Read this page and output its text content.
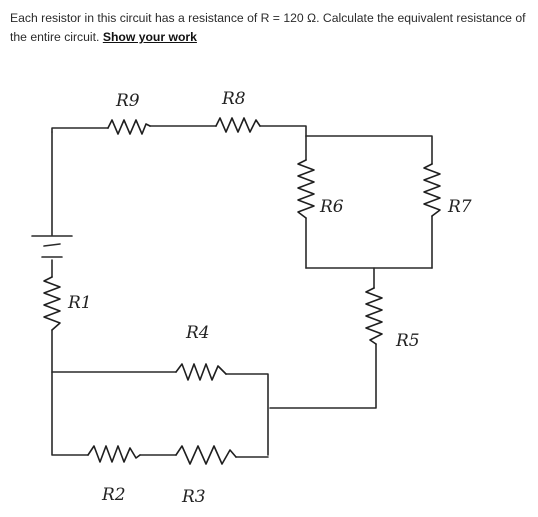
Each resistor in this circuit has a resistance of R = 120 Ω. Calculate the equivalent resistance of the entire circuit. Show your work
R9	R8
R1
R6	R7
R5
R4
R2	R3
